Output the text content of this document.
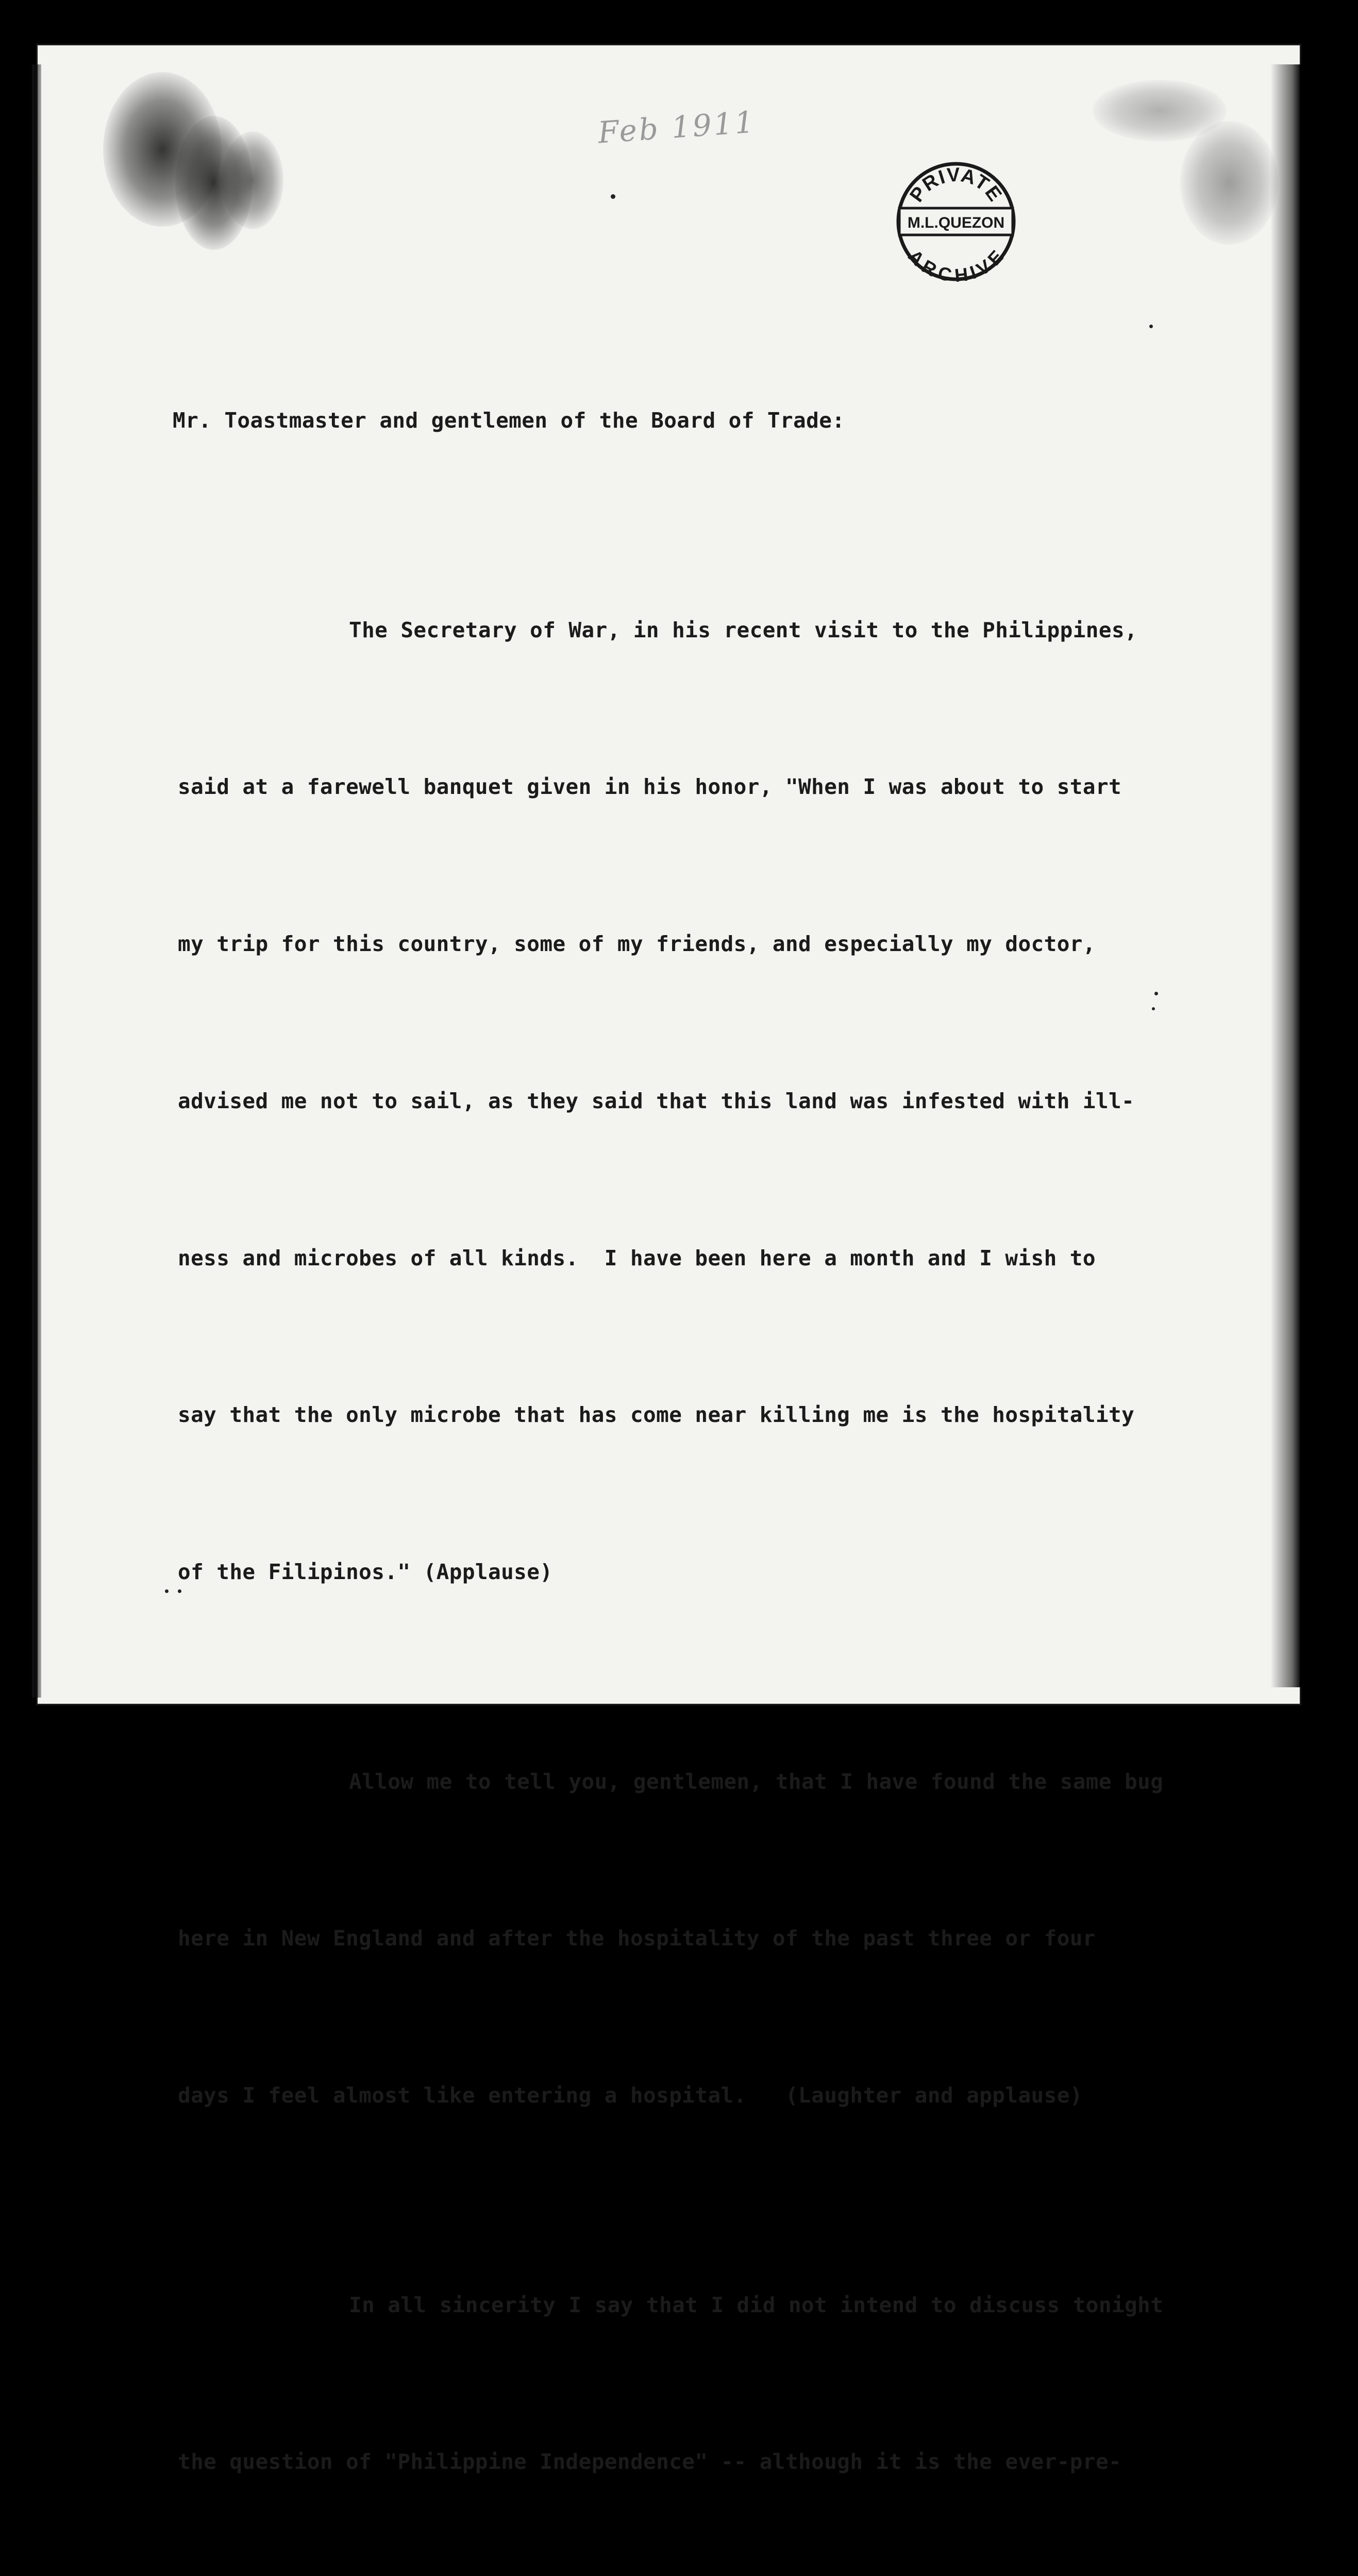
Feb 1911
PRIVATE
M.L.QUEZON
ARCHIVE

Mr. Toastmaster and gentlemen of the Board of Trade:

The Secretary of War, in his recent visit to the Philippines,

said at a farewell banquet given in his honor, "When I was about to start

my trip for this country, some of my friends, and especially my doctor,

advised me not to sail, as they said that this land was infested with ill-

ness and microbes of all kinds.  I have been here a month and I wish to

say that the only microbe that has come near killing me is the hospitality

of the Filipinos." (Applause)

Allow me to tell you, gentlemen, that I have found the same bug

here in New England and after the hospitality of the past three or four

days I feel almost like entering a hospital.   (Laughter and applause)

In all sincerity I say that I did not intend to discuss tonight

the question of "Philippine Independence" -- although it is the ever-pre-
